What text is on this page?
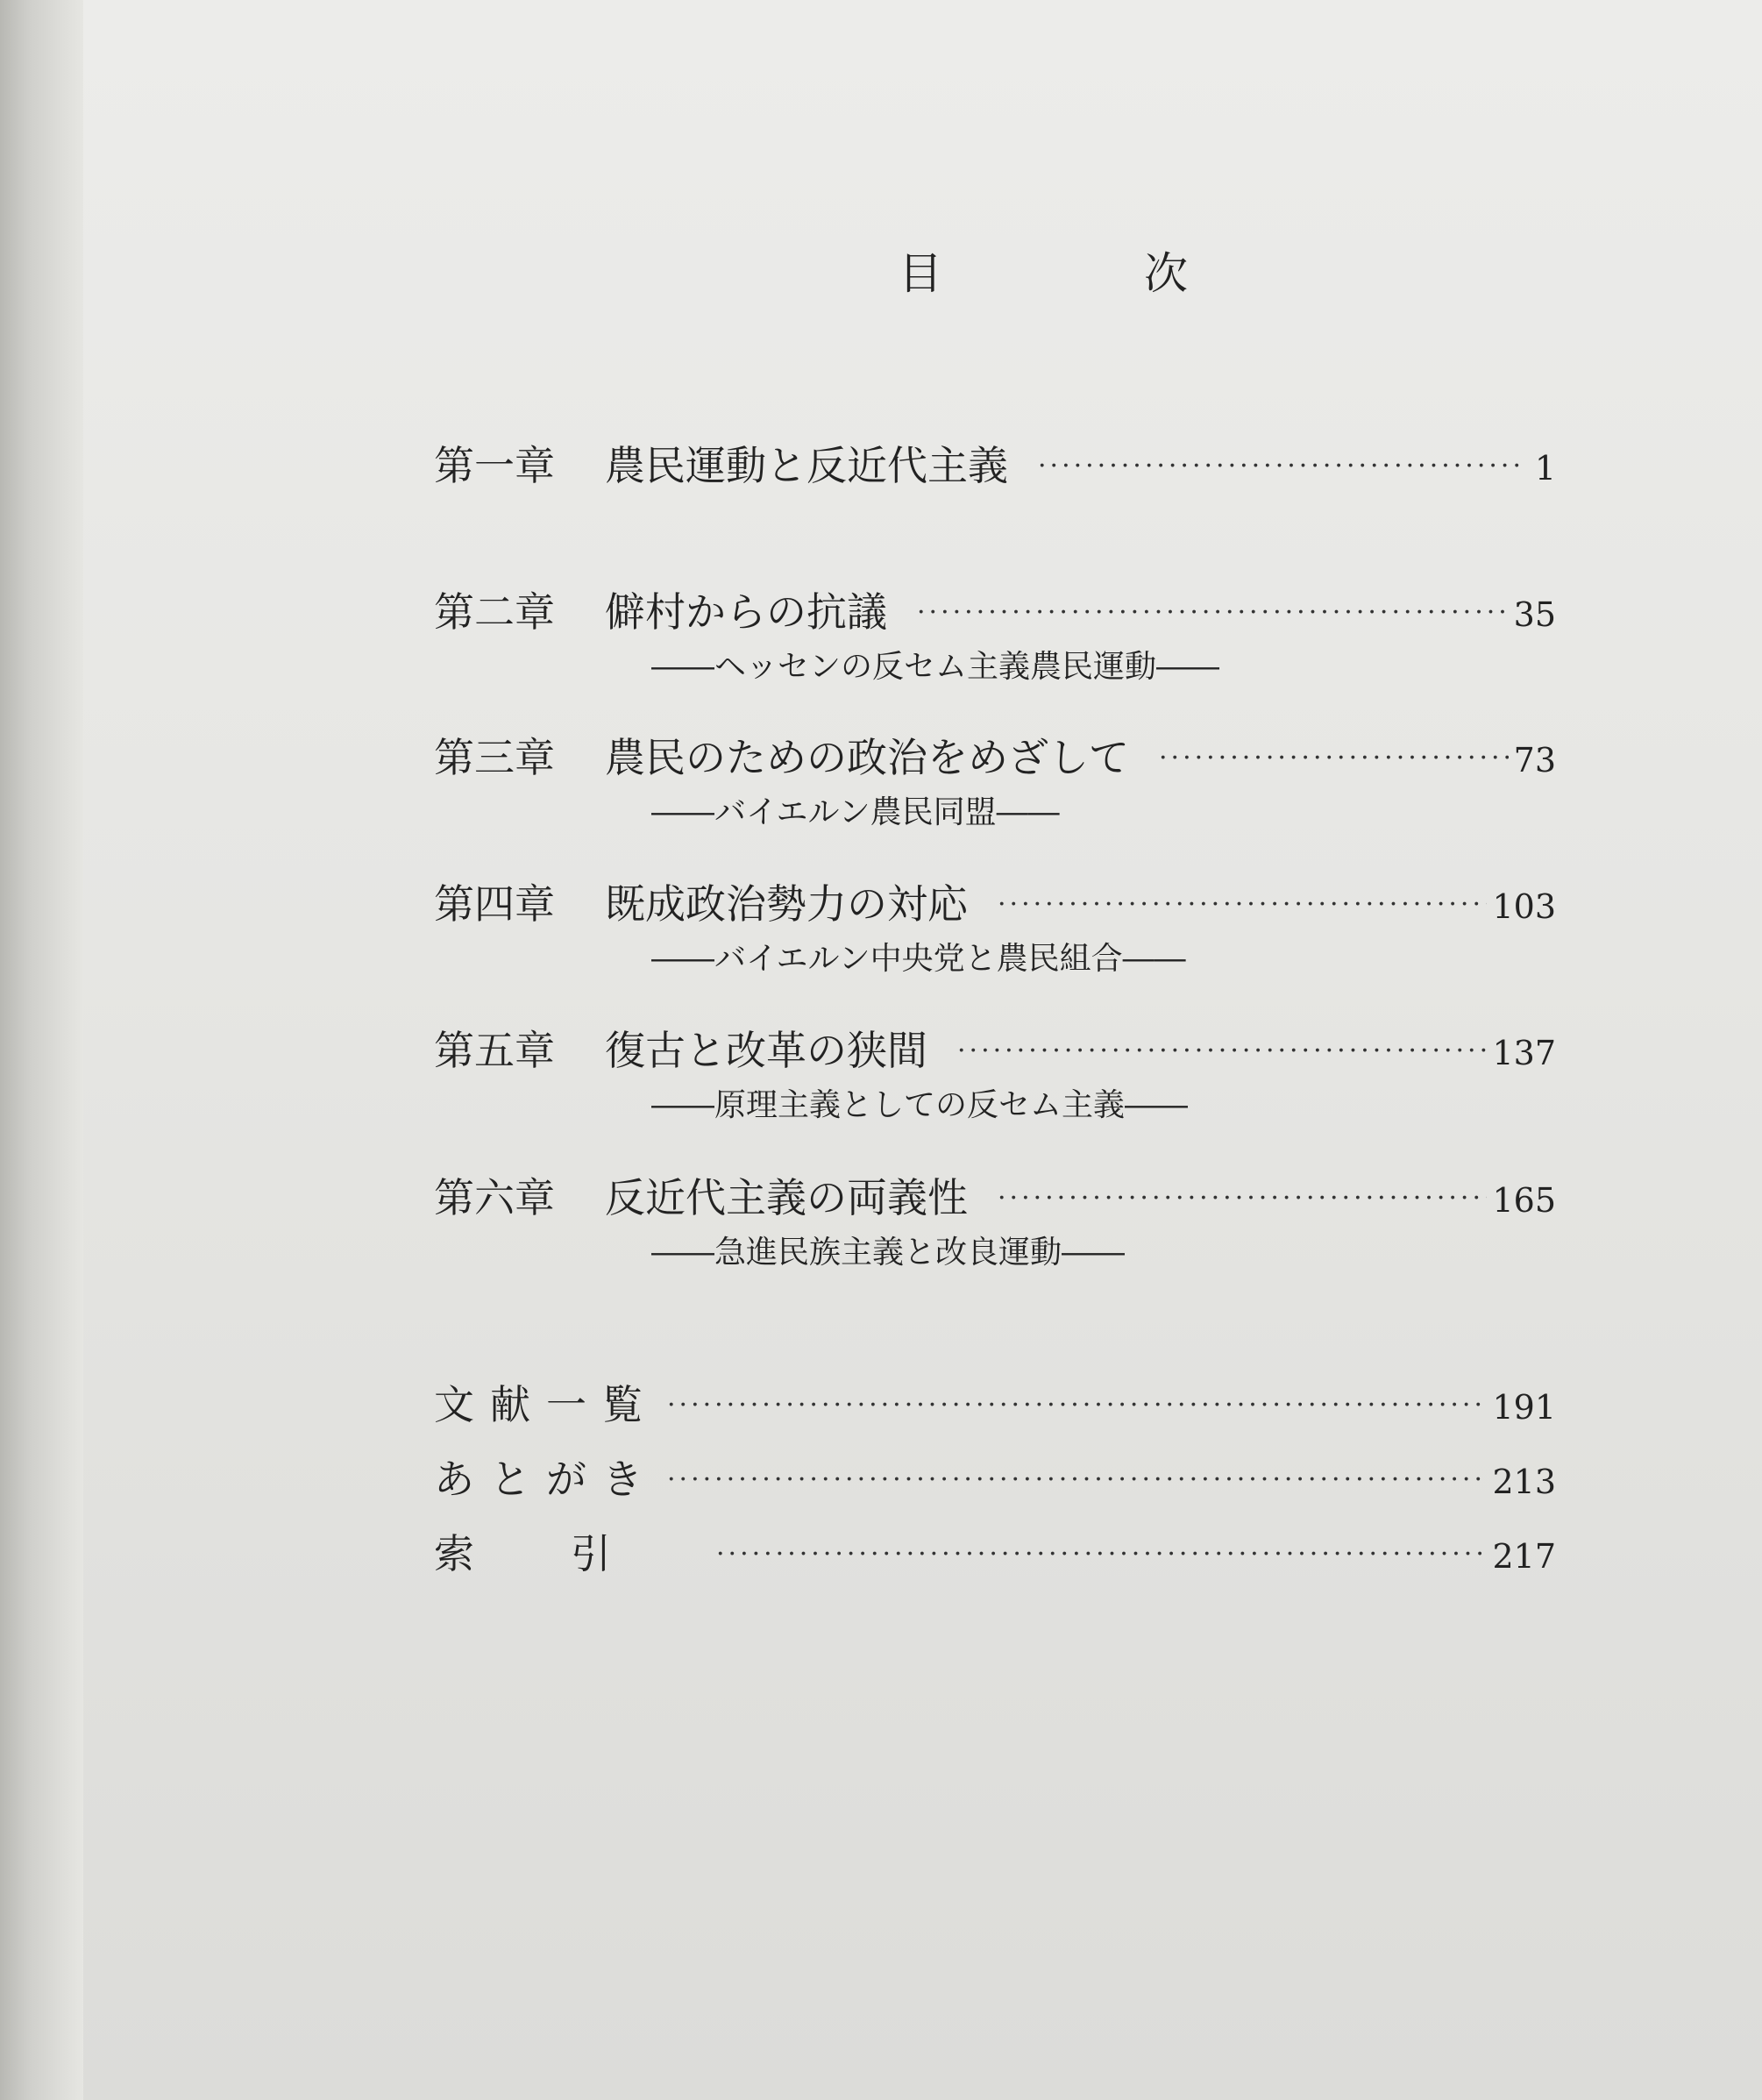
目　次
第一章	農民運動と反近代主義 ·····	1
第二章	僻村からの抗議 ·····	35
――ヘッセンの反セム主義農民運動――
第三章	農民のための政治をめざして ·····	73
――バイエルン農民同盟――
第四章	既成政治勢力の対応 ·····	103
――バイエルン中央党と農民組合――
第五章	復古と改革の狭間 ·····	137
――原理主義としての反セム主義――
第六章	反近代主義の両義性 ·····	165
――急進民族主義と改良運動――
文献一覧 ·····	191
あとがき ·····	213
索引 ·····	217
